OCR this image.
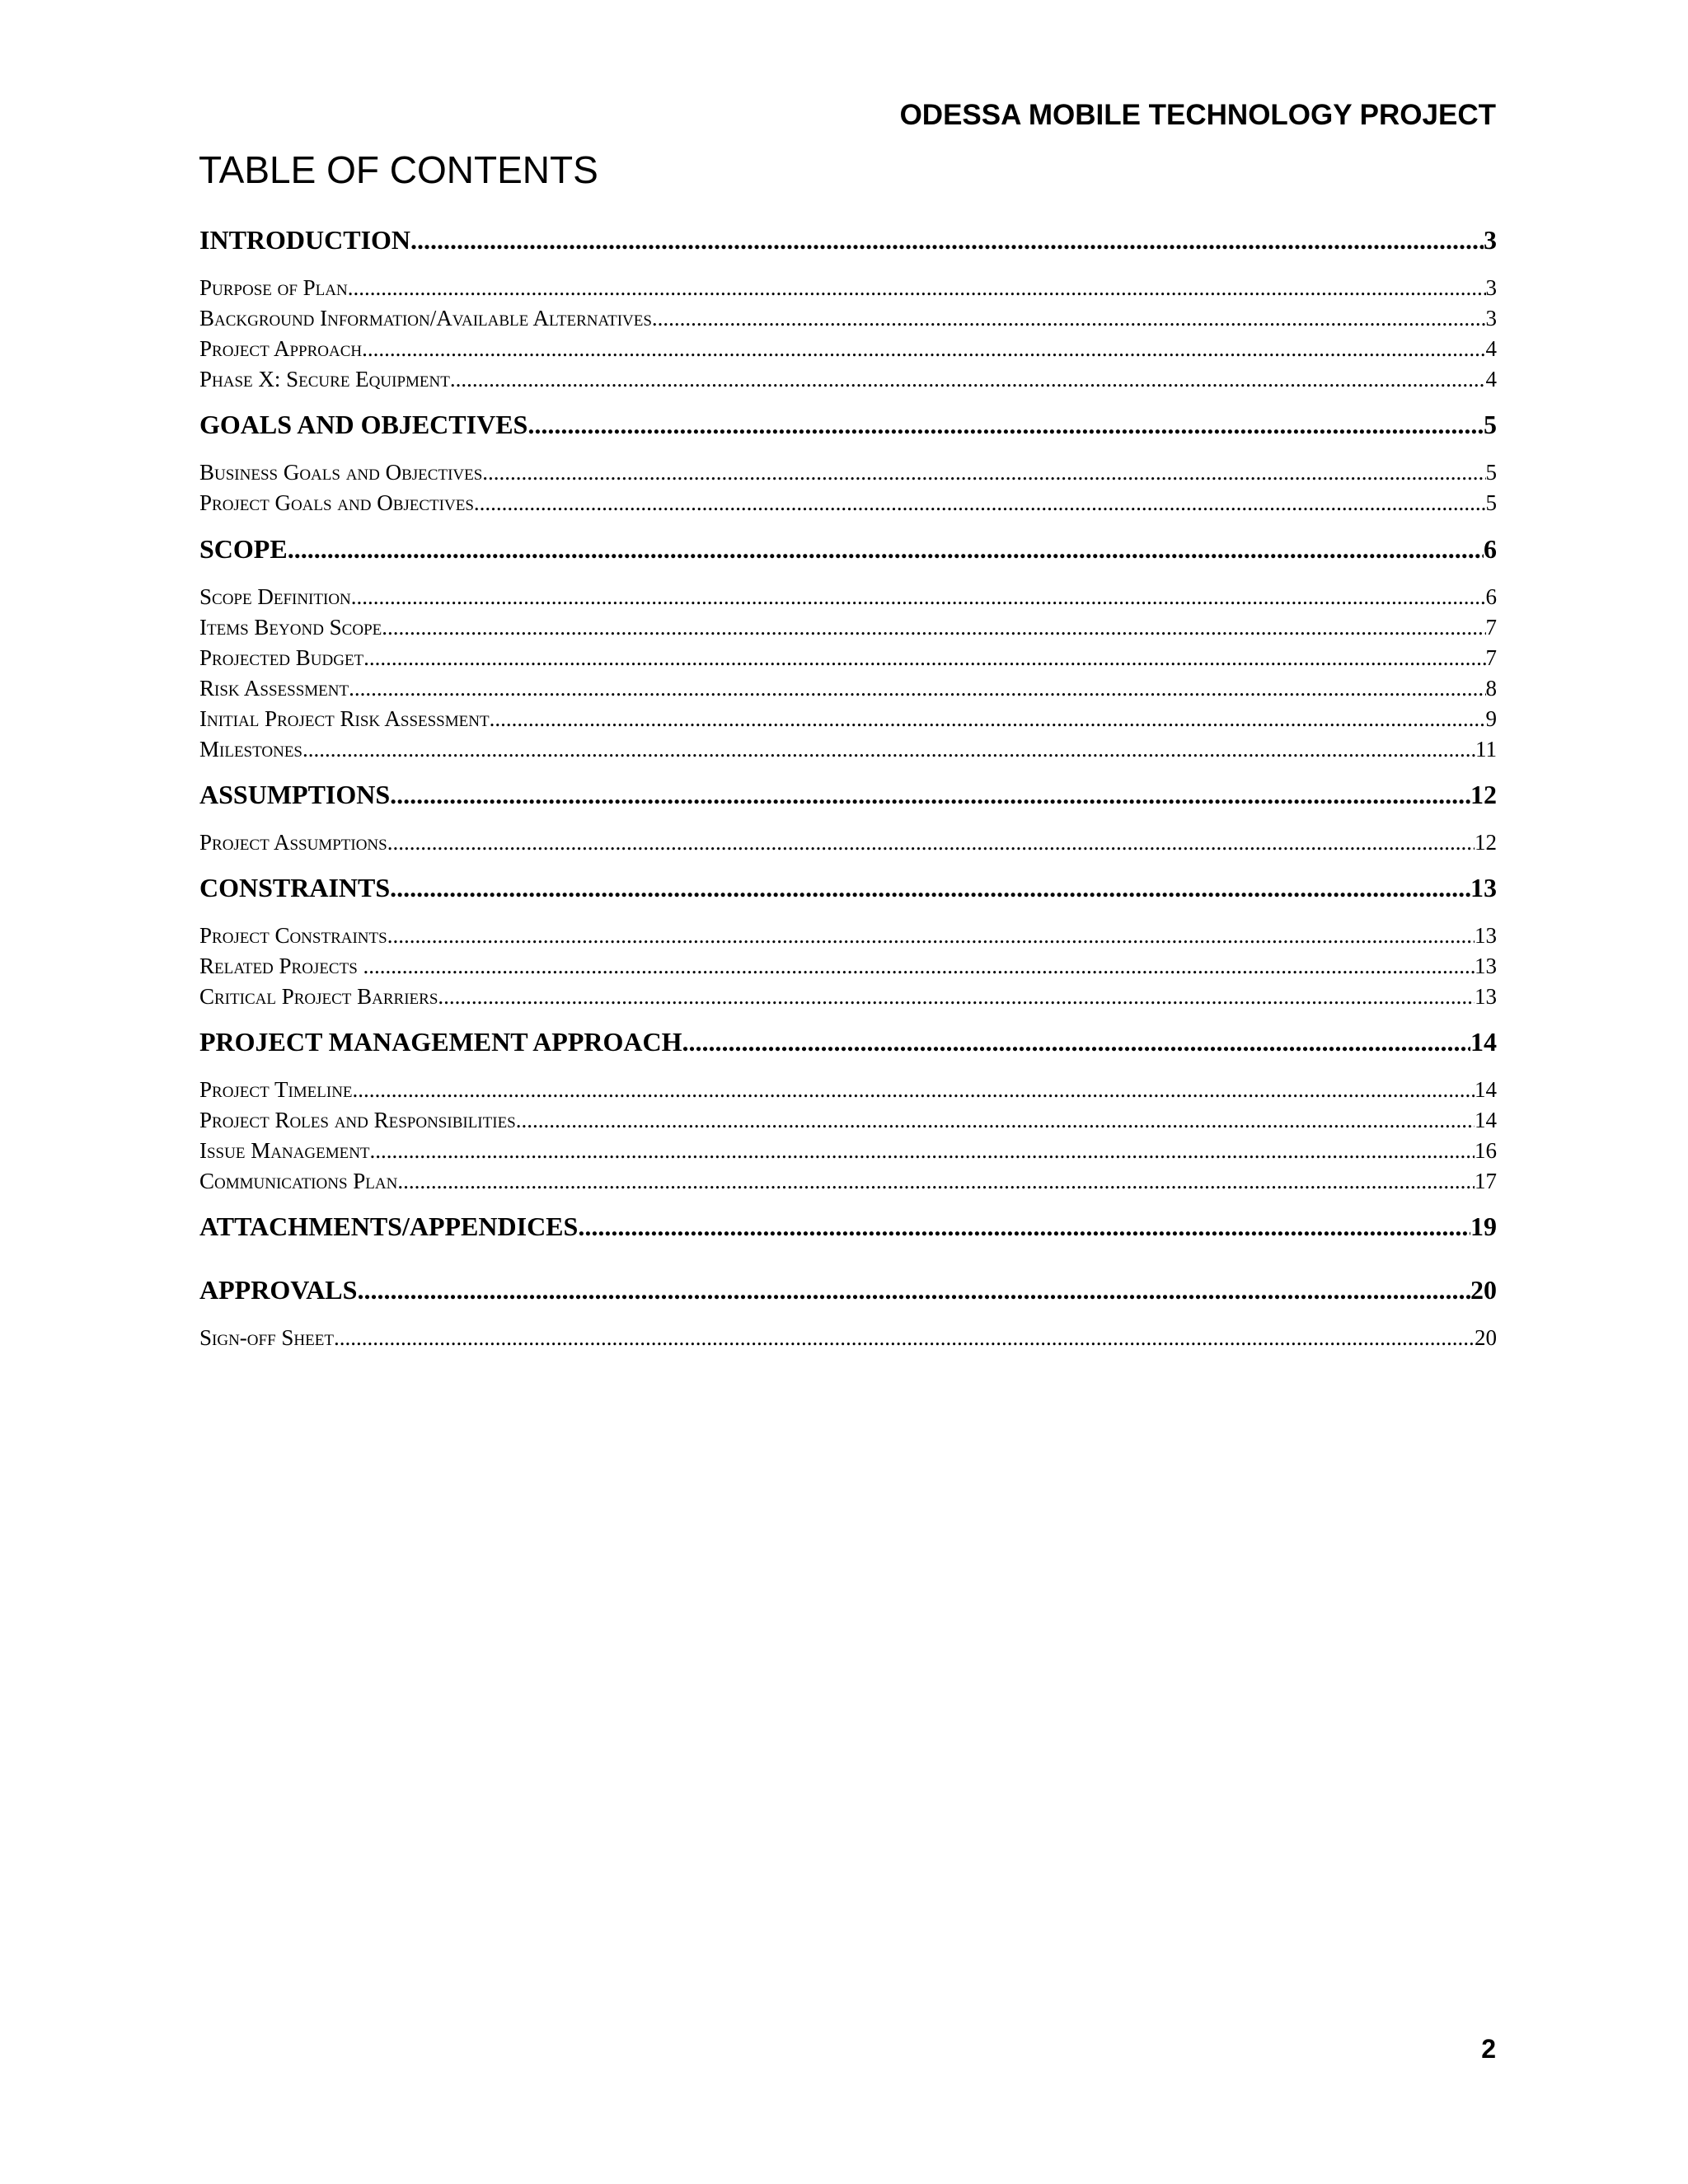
ODESSA MOBILE TECHNOLOGY PROJECT
TABLE OF CONTENTS
INTRODUCTION .....	3
Purpose of Plan .....	3
Background Information/Available Alternatives .....	3
Project Approach .....	4
Phase X: Secure Equipment .....	4
GOALS AND OBJECTIVES .....	5
Business Goals and Objectives .....	5
Project Goals and Objectives .....	5
SCOPE .....	6
Scope Definition .....	6
Items Beyond Scope .....	7
Projected Budget .....	7
Risk Assessment .....	8
Initial Project Risk Assessment .....	9
Milestones .....	11
ASSUMPTIONS .....	12
Project Assumptions .....	12
CONSTRAINTS .....	13
Project Constraints .....	13
Related Projects .....	13
Critical Project Barriers .....	13
PROJECT MANAGEMENT APPROACH .....	14
Project Timeline .....	14
Project Roles and Responsibilities .....	14
Issue Management .....	16
Communications Plan .....	17
ATTACHMENTS/APPENDICES .....	19
APPROVALS .....	20
Sign-off Sheet .....	20
2
